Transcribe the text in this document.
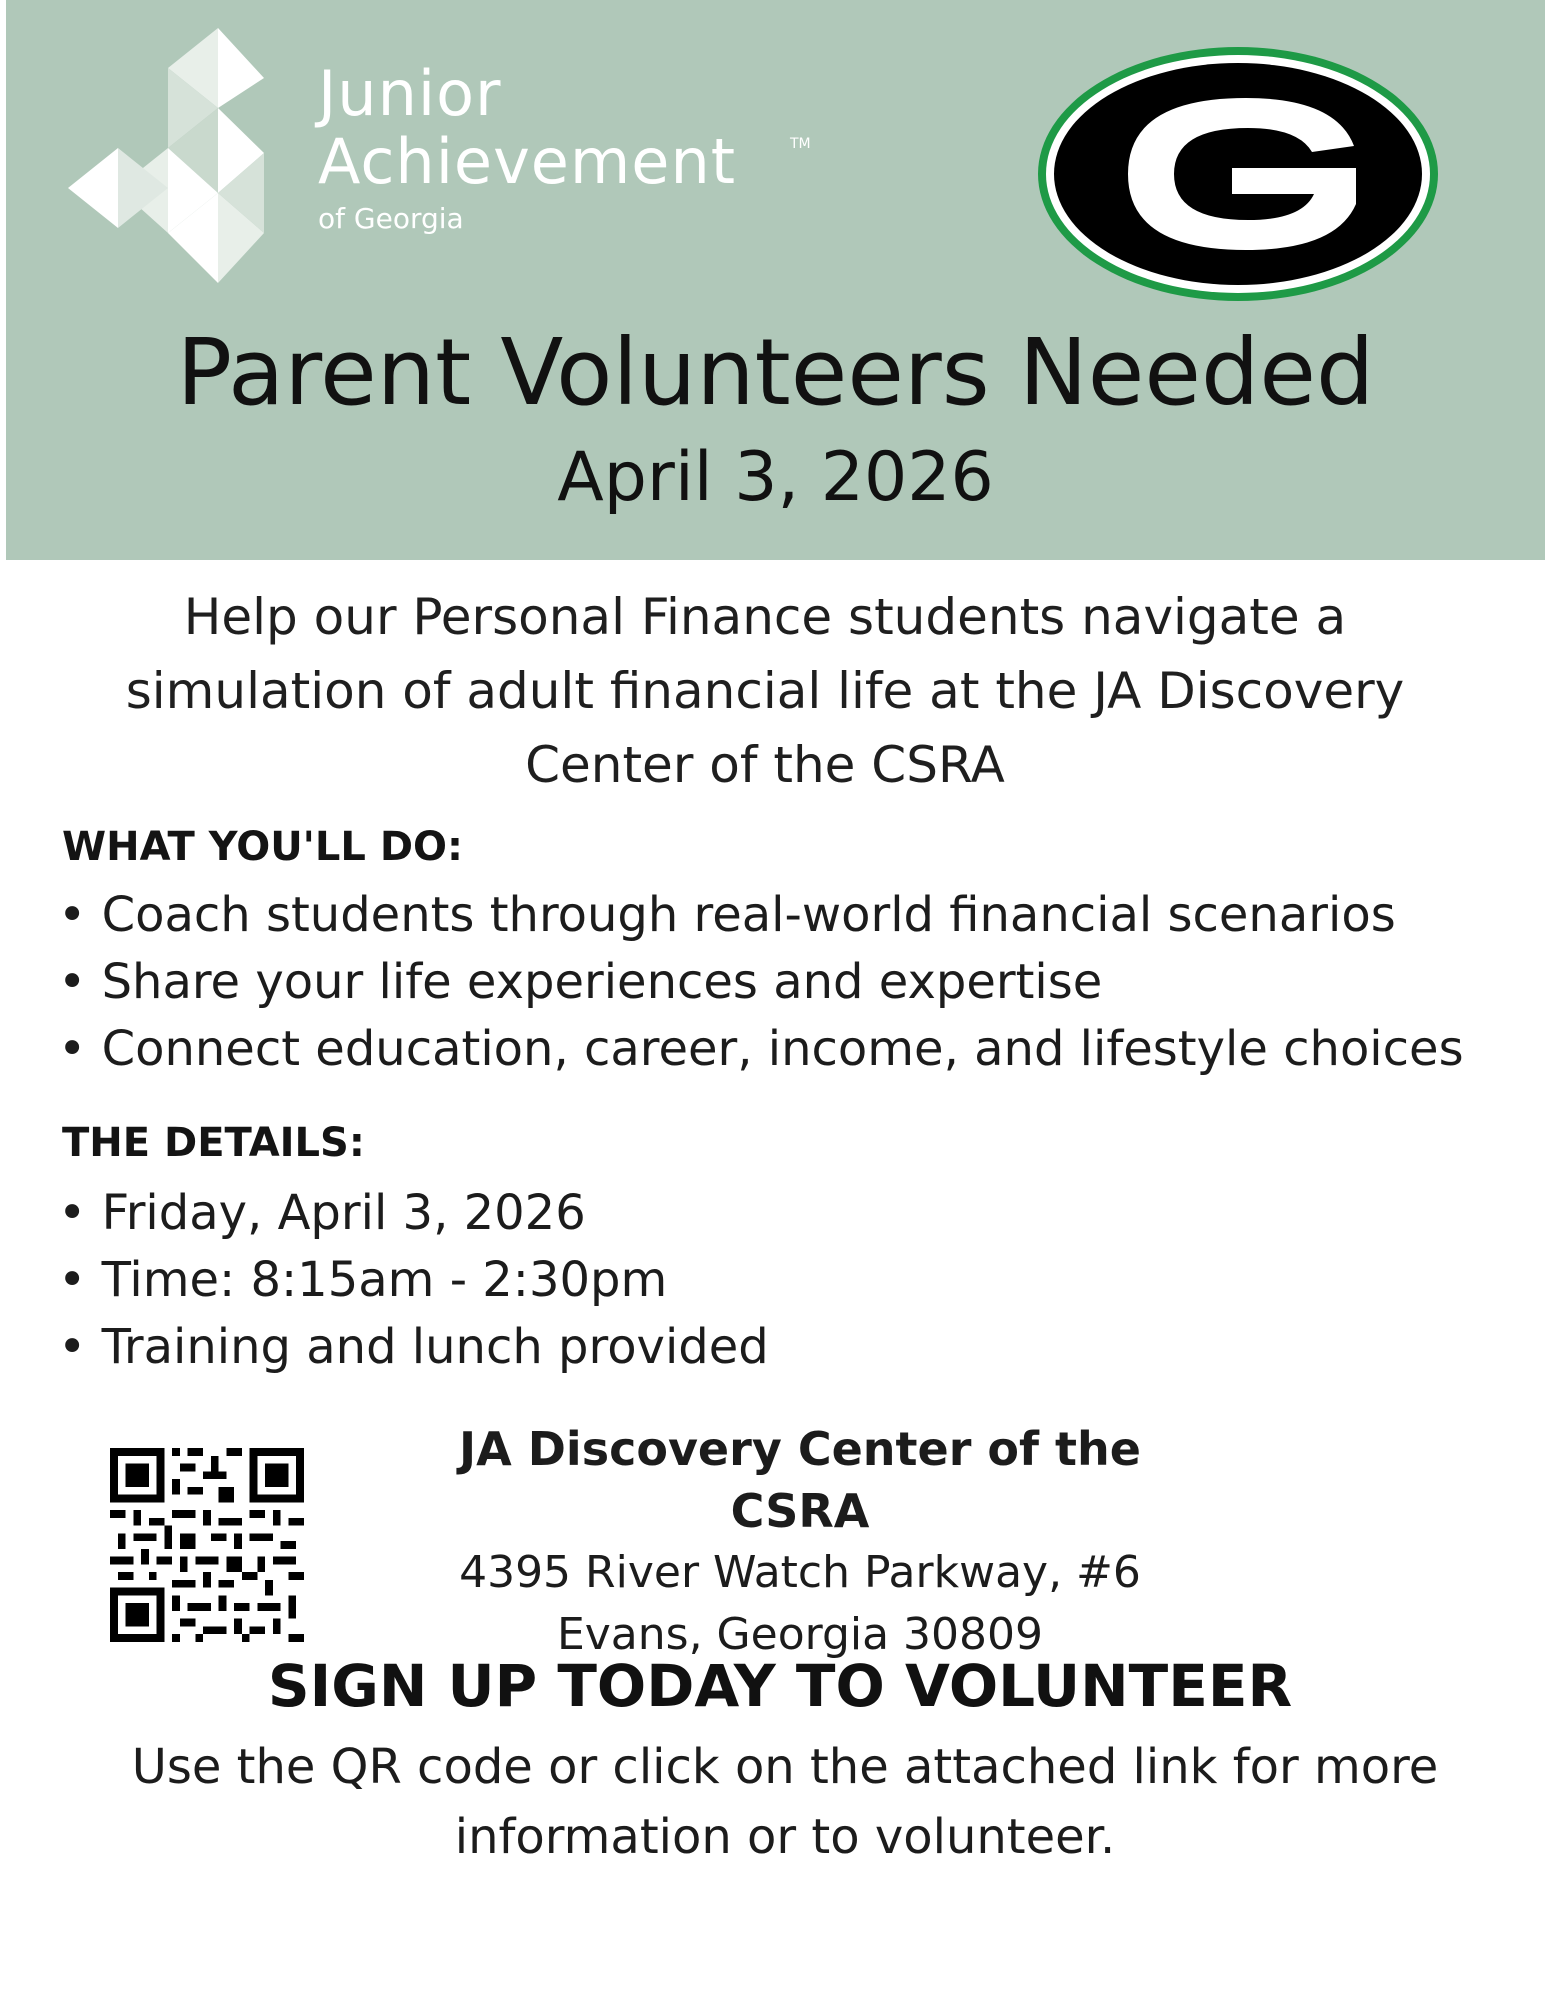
Junior
Achievement	TM
of Georgia
Parent Volunteers Needed
April 3, 2026
Help our Personal Finance students navigate a simulation of adult financial life at the JA Discovery Center of the CSRA
WHAT YOU'LL DO:
• Coach students through real-world financial scenarios
• Share your life experiences and expertise
• Connect education, career, income, and lifestyle choices
THE DETAILS:
• Friday, April 3, 2026
• Time: 8:15am - 2:30pm
• Training and lunch provided
JA Discovery Center of the CSRA
4395 River Watch Parkway, #6
Evans, Georgia 30809
SIGN UP TODAY TO VOLUNTEER
Use the QR code or click on the attached link for more information or to volunteer.
